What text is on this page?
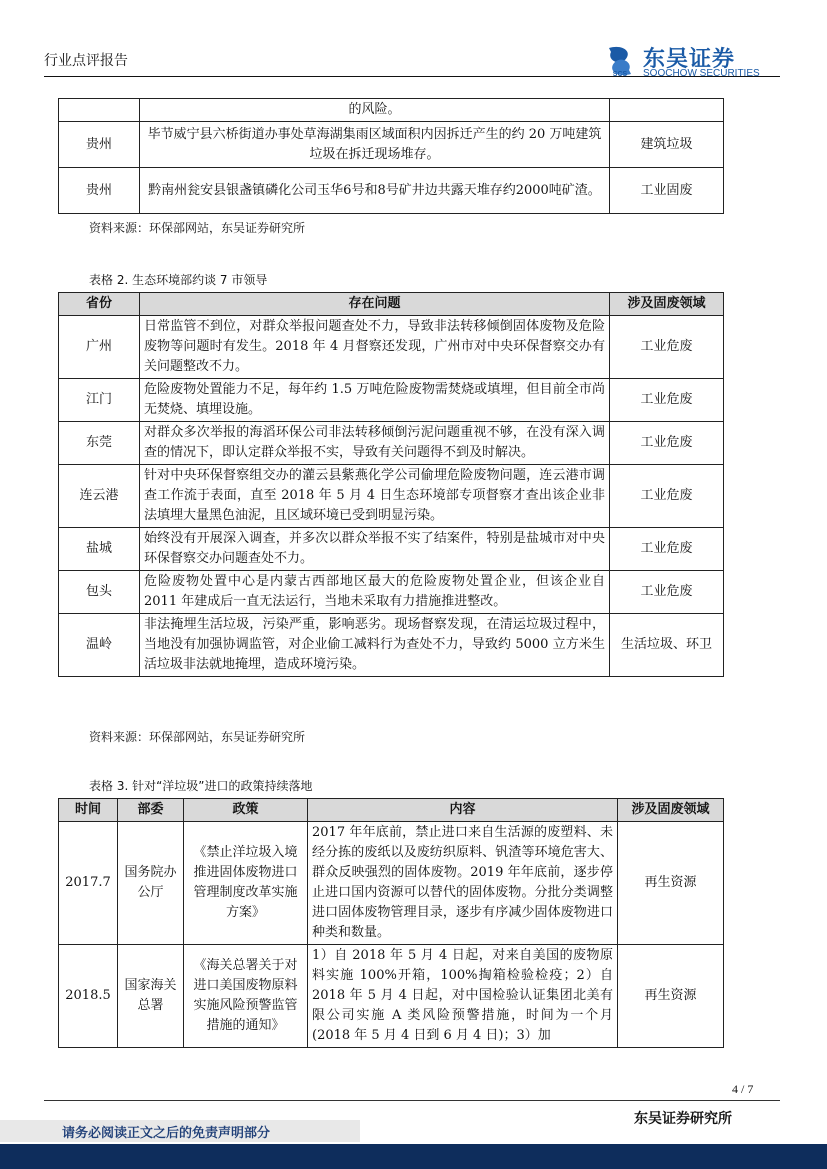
行业点评报告
SCS
东吴证券
SOOCHOW SECURITIES
	的风险。	
贵州	毕节威宁县六桥街道办事处草海湖集雨区域面积内因拆迁产生的约 20 万吨建筑垃圾在拆迁现场堆存。	建筑垃圾
贵州	黔南州瓮安县银盏镇磷化公司玉华6号和8号矿井边共露天堆存约2000吨矿渣。	工业固废
资料来源：环保部网站，东吴证券研究所
表格 2. 生态环境部约谈 7 市领导
省份	存在问题	涉及固废领域
广州	日常监管不到位，对群众举报问题查处不力，导致非法转移倾倒固体废物及危险废物等问题时有发生。2018 年 4 月督察还发现，广州市对中央环保督察交办有关问题整改不力。	工业危废
江门	危险废物处置能力不足，每年约 1.5 万吨危险废物需焚烧或填埋，但目前全市尚无焚烧、填埋设施。	工业危废
东莞	对群众多次举报的海滔环保公司非法转移倾倒污泥问题重视不够，在没有深入调查的情况下，即认定群众举报不实，导致有关问题得不到及时解决。	工业危废
连云港	针对中央环保督察组交办的灌云县紫燕化学公司偷埋危险废物问题，连云港市调查工作流于表面，直至 2018 年 5 月 4 日生态环境部专项督察才查出该企业非法填埋大量黑色油泥，且区域环境已受到明显污染。	工业危废
盐城	始终没有开展深入调查，并多次以群众举报不实了结案件，特别是盐城市对中央环保督察交办问题查处不力。	工业危废
包头	危险废物处置中心是内蒙古西部地区最大的危险废物处置企业，但该企业自 2011 年建成后一直无法运行，当地未采取有力措施推进整改。	工业危废
温岭	非法掩埋生活垃圾，污染严重，影响恶劣。现场督察发现，在清运垃圾过程中，当地没有加强协调监管，对企业偷工减料行为查处不力，导致约 5000 立方米生活垃圾非法就地掩埋，造成环境污染。	生活垃圾、环卫
资料来源：环保部网站，东吴证券研究所
表格 3. 针对“洋垃圾”进口的政策持续落地
时间	部委	政策	内容	涉及固废领域
2017.7	国务院办公厅	《禁止洋垃圾入境推进固体废物进口管理制度改革实施方案》	2017 年年底前，禁止进口来自生活源的废塑料、未经分拣的废纸以及废纺织原料、钒渣等环境危害大、群众反映强烈的固体废物。2019 年年底前，逐步停止进口国内资源可以替代的固体废物。分批分类调整进口固体废物管理目录，逐步有序减少固体废物进口种类和数量。	再生资源
2018.5	国家海关总署	《海关总署关于对进口美国废物原料实施风险预警监管措施的通知》	1）自 2018 年 5 月 4 日起，对来自美国的废物原料实施 100%开箱，100%掏箱检验检疫；2）自 2018 年 5 月 4 日起，对中国检验认证集团北美有限公司实施 A 类风险预警措施，时间为一个月(2018 年 5 月 4 日到 6 月 4 日)；3）加	再生资源
4 / 7
东吴证券研究所
请务必阅读正文之后的免责声明部分
